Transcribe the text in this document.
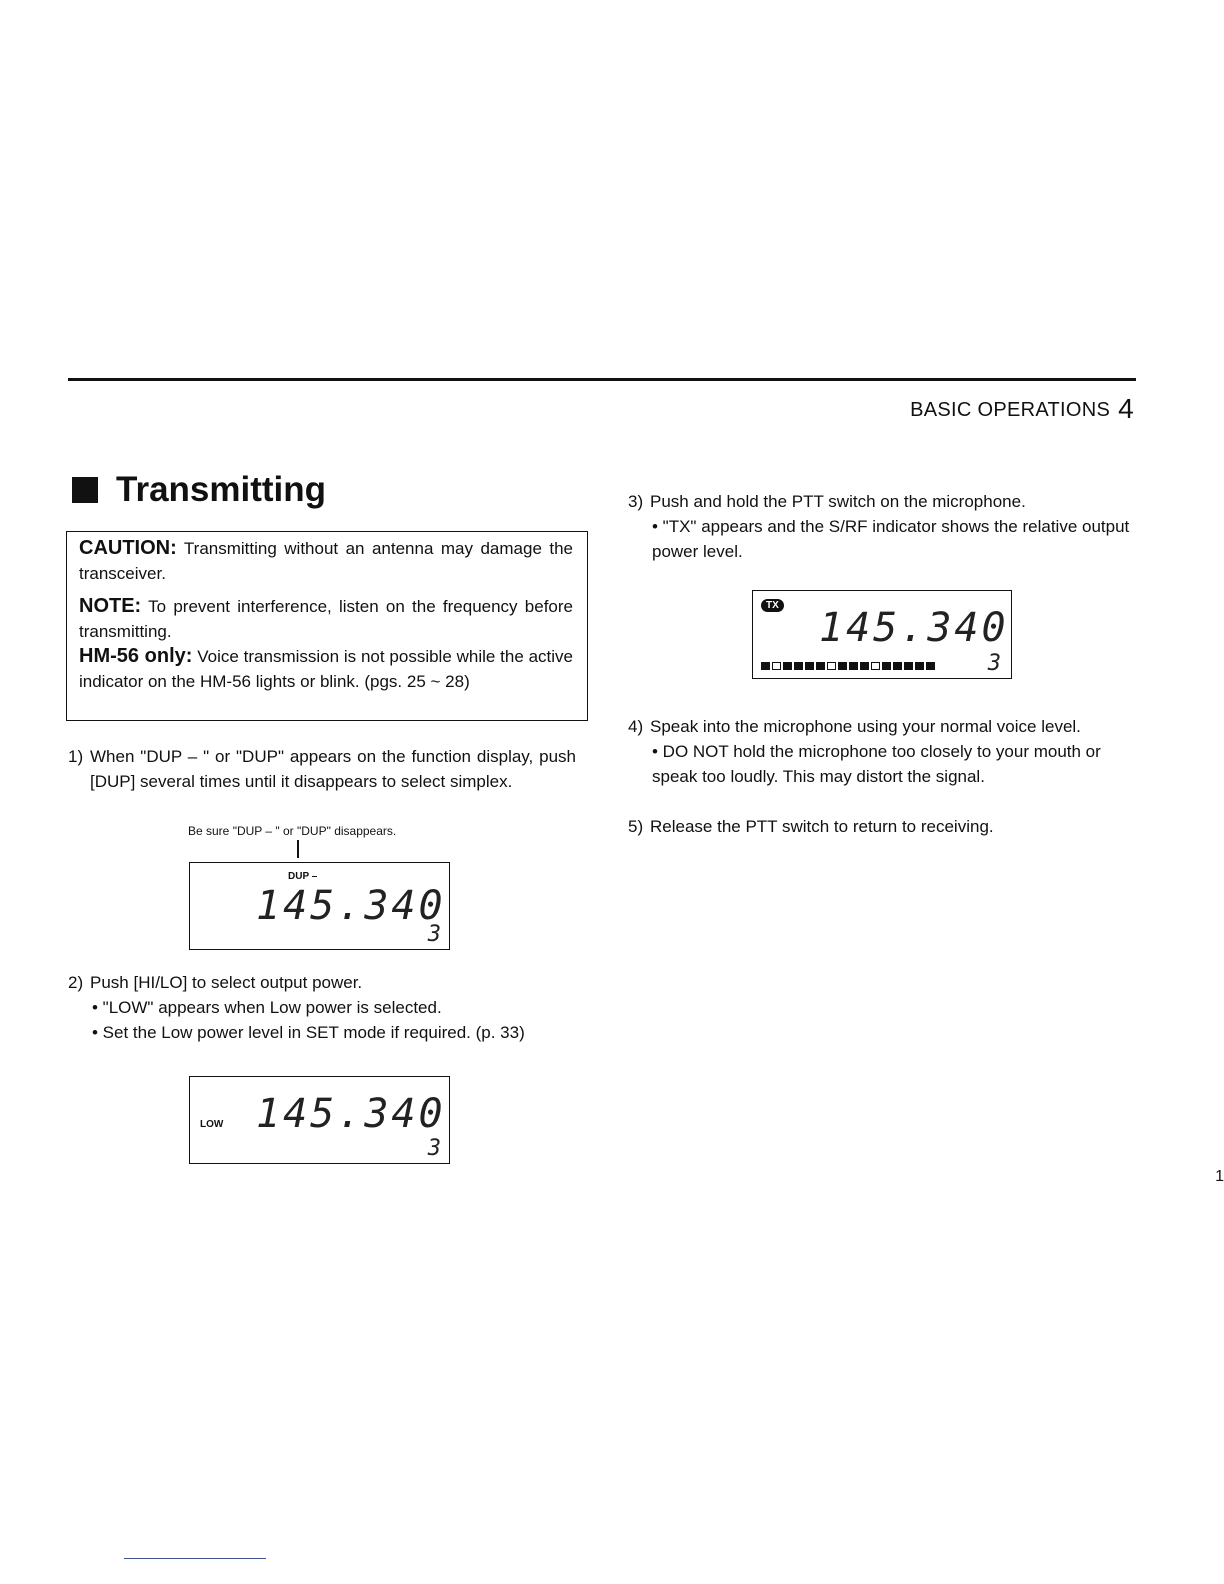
BASIC OPERATIONS 4
Transmitting

CAUTION: Transmitting without an antenna may damage the transceiver.

NOTE: To prevent interference, listen on the frequency before transmitting.

HM-56 only: Voice transmission is not possible while the active indicator on the HM-56 lights or blink. (pgs. 25 ~ 28)

1) When "DUP – " or "DUP" appears on the function display, push [DUP] several times until it disappears to select simplex.
2) Push [HI/LO] to select output power.
• "LOW" appears when Low power is selected.
• Set the Low power level in SET mode if required. (p. 33)
Be sure "DUP – " or "DUP" disappears.
DUP –
145.340
3
LOW 145.340
3
3) Push and hold the PTT switch on the microphone.
• "TX" appears and the S/RF indicator shows the relative output power level.
4) Speak into the microphone using your normal voice level.
• DO NOT hold the microphone too closely to your mouth or speak too loudly. This may distort the signal.
5) Release the PTT switch to return to receiving.
TX 145.340
3
1
